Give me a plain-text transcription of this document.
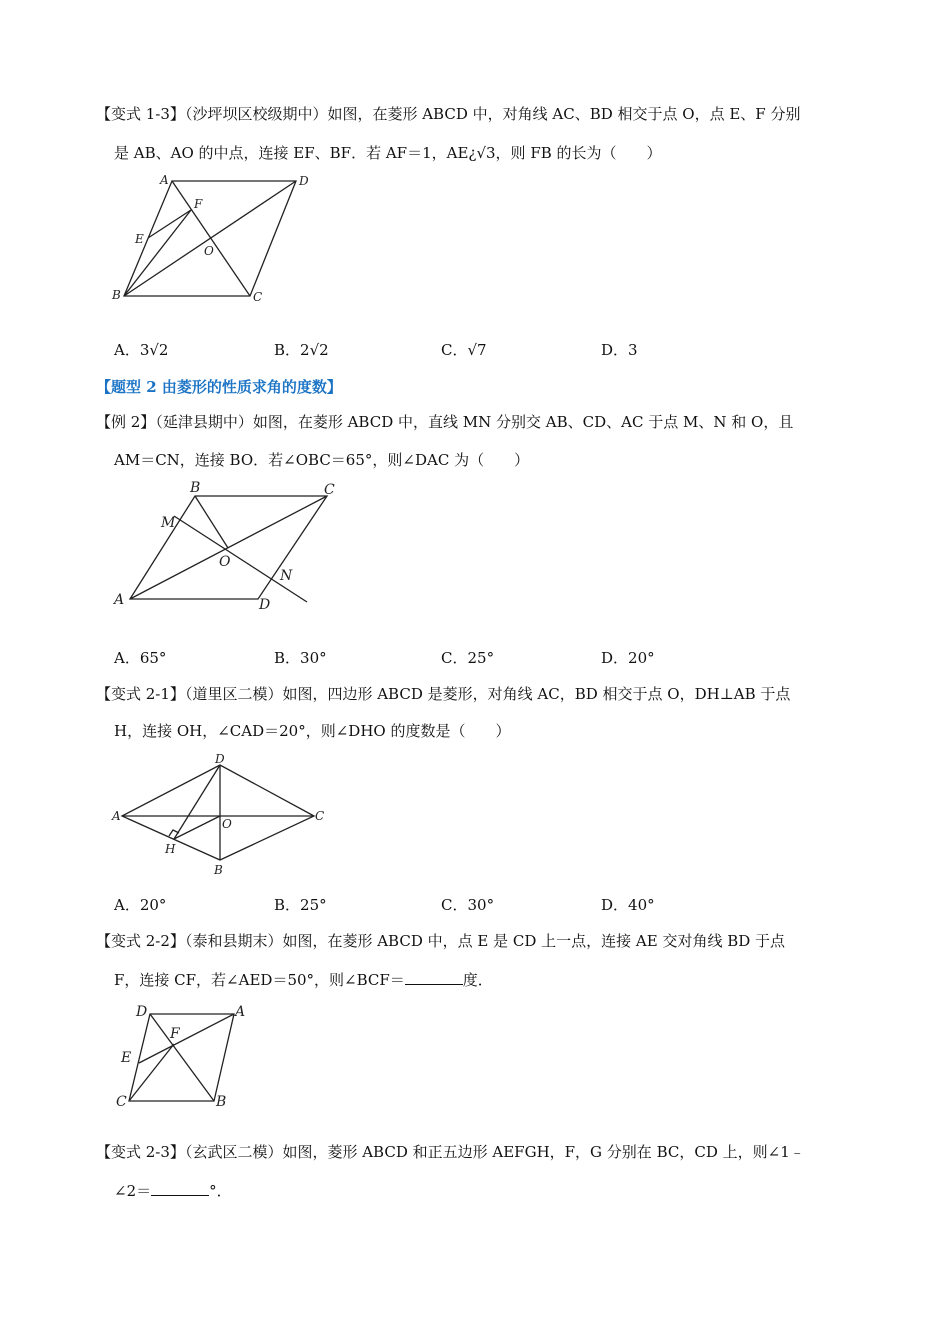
【变式 1-3】（沙坪坝区校级期中）如图，在菱形 ABCD 中，对角线 AC、BD 相交于点 O，点 E、F 分别
是 AB、AO 的中点，连接 EF、BF．若 AF＝1，AE¿√3，则 FB 的长为（　　）
A	D
F
E
O
B	C
A．3√2	B．2√2	C．√7	D．3
【题型 2 由菱形的性质求角的度数】
【例 2】（延津县期中）如图，在菱形 ABCD 中，直线 MN 分别交 AB、CD、AC 于点 M、N 和 O，且
AM＝CN，连接 BO．若∠OBC＝65°，则∠DAC 为（　　）
B	C
M
O
N
A	D
A．65°	B．30°	C．25°	D．20°
【变式 2-1】（道里区二模）如图，四边形 ABCD 是菱形，对角线 AC，BD 相交于点 O，DH⊥AB 于点
H，连接 OH，∠CAD＝20°，则∠DHO 的度数是（　　）
D
A
O
C
H
B
A．20°	B．25°	C．30°	D．40°
【变式 2-2】（泰和县期末）如图，在菱形 ABCD 中，点 E 是 CD 上一点，连接 AE 交对角线 BD 于点
F，连接 CF，若∠AED＝50°，则∠BCF＝	度．
D	A
F
E
C	B
【变式 2-3】（玄武区二模）如图，菱形 ABCD 和正五边形 AEFGH，F，G 分别在 BC，CD 上，则∠1﹣
∠2＝	°．
